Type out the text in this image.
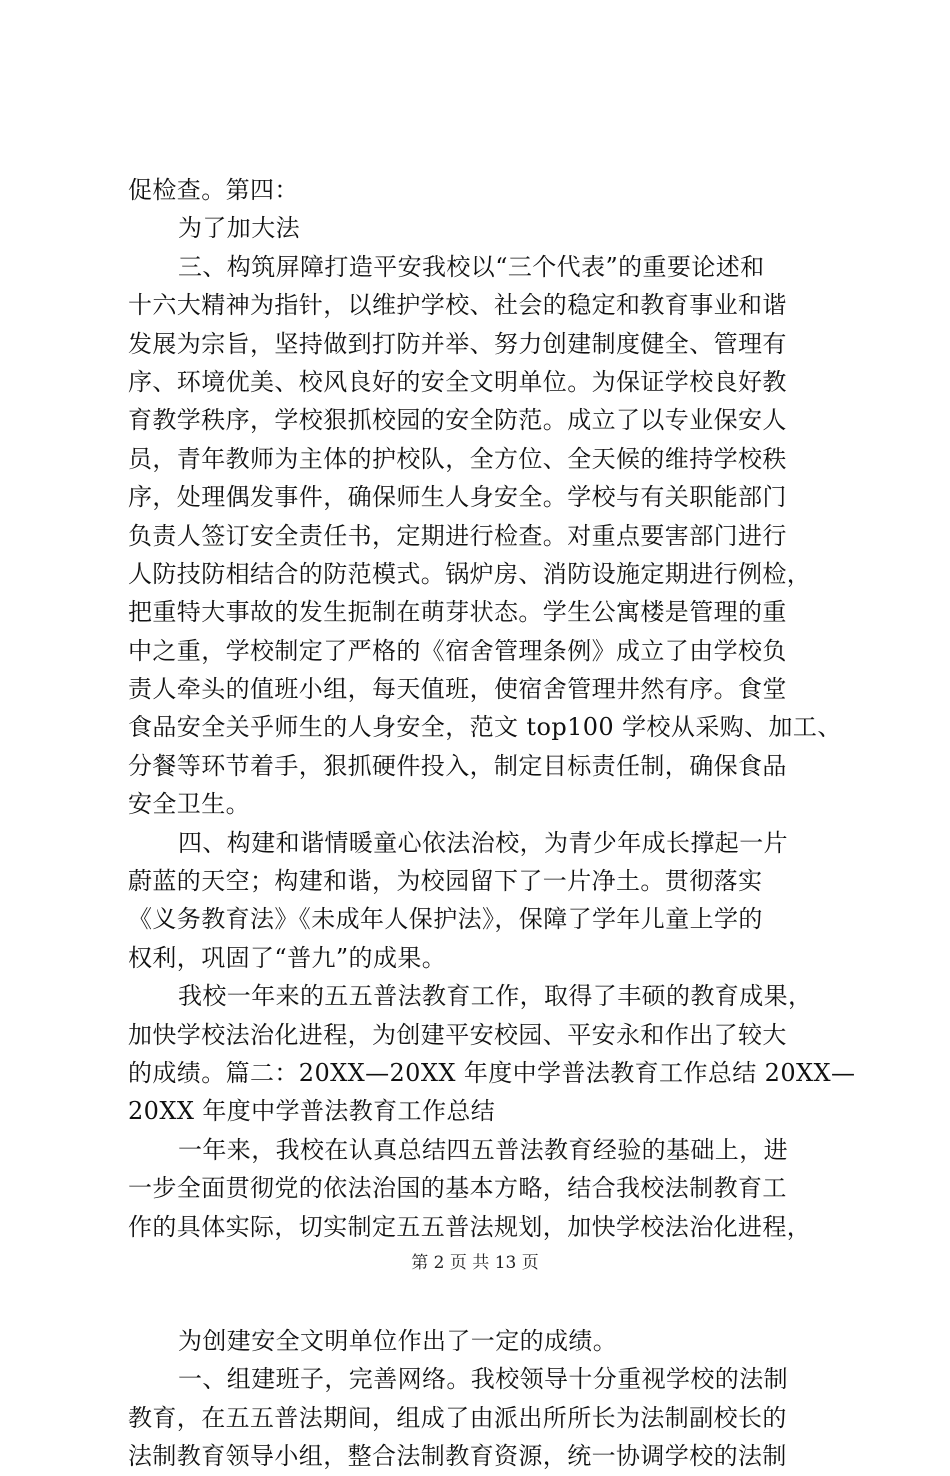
促检查。第四：
为了加大法
三、构筑屏障打造平安我校以“三个代表”的重要论述和
十六大精神为指针，以维护学校、社会的稳定和教育事业和谐
发展为宗旨，坚持做到打防并举、努力创建制度健全、管理有
序、环境优美、校风良好的安全文明单位。为保证学校良好教
育教学秩序，学校狠抓校园的安全防范。成立了以专业保安人
员，青年教师为主体的护校队，全方位、全天候的维持学校秩
序，处理偶发事件，确保师生人身安全。学校与有关职能部门
负责人签订安全责任书，定期进行检查。对重点要害部门进行
人防技防相结合的防范模式。锅炉房、消防设施定期进行例检，
把重特大事故的发生扼制在萌芽状态。学生公寓楼是管理的重
中之重，学校制定了严格的《宿舍管理条例》成立了由学校负
责人牵头的值班小组，每天值班，使宿舍管理井然有序。食堂
食品安全关乎师生的人身安全，范文 top100 学校从采购、加工、
分餐等环节着手，狠抓硬件投入，制定目标责任制，确保食品
安全卫生。
四、构建和谐情暖童心依法治校，为青少年成长撑起一片
蔚蓝的天空；构建和谐，为校园留下了一片净土。贯彻落实
《义务教育法》《未成年人保护法》，保障了学年儿童上学的
权利，巩固了“普九”的成果。
我校一年来的五五普法教育工作，取得了丰硕的教育成果，
加快学校法治化进程，为创建平安校园、平安永和作出了较大
的成绩。篇二：20XX—20XX 年度中学普法教育工作总结 20XX—
20XX 年度中学普法教育工作总结
一年来，我校在认真总结四五普法教育经验的基础上，进
一步全面贯彻党的依法治国的基本方略，结合我校法制教育工
作的具体实际，切实制定五五普法规划，加快学校法治化进程，
为创建安全文明单位作出了一定的成绩。
一、组建班子，完善网络。我校领导十分重视学校的法制
教育，在五五普法期间，组成了由派出所所长为法制副校长的
法制教育领导小组，整合法制教育资源，统一协调学校的法制
第 2 页 共 13 页
